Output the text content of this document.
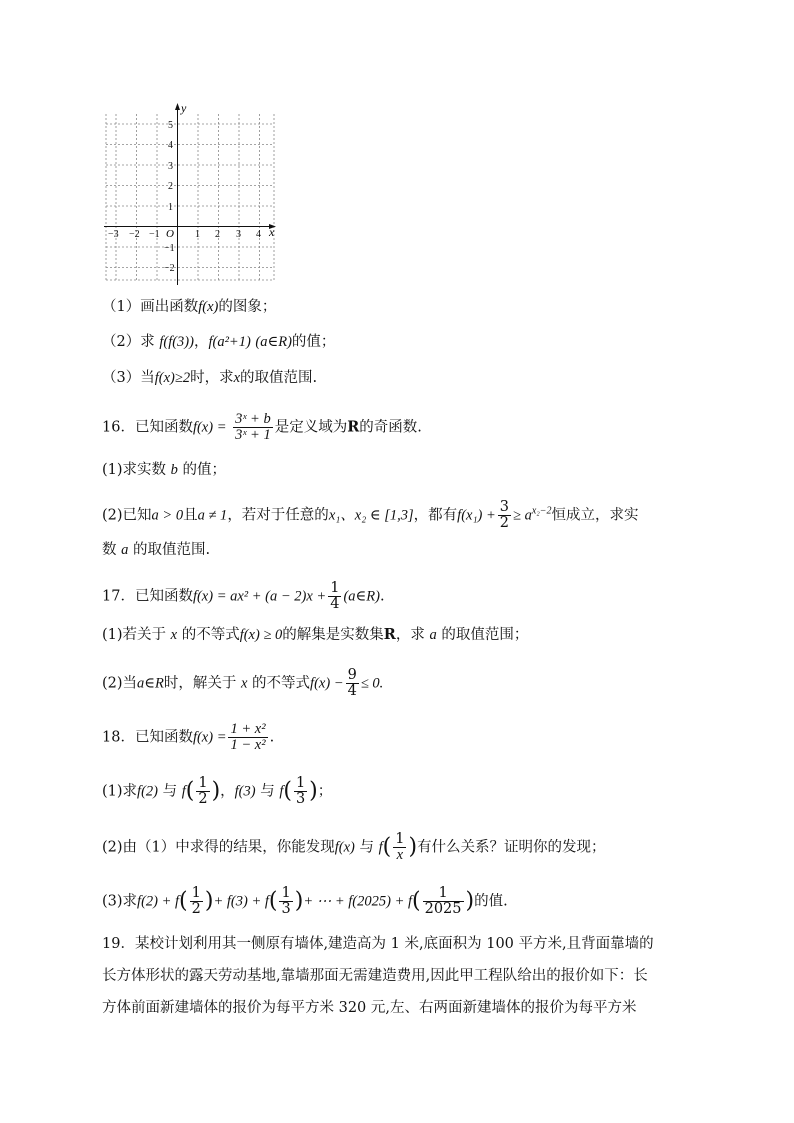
y
x
O
−3 −2 −1	1 2 3 4
5
4
3
2
1
−1
−2
（1）画出函数f(x)的图象；
（2）求 f(f(3))，f(a²+1) (a∈R)的值；
（3）当f(x)≥2时，求x的取值范围.
16．已知函数$f(x) = \frac{\text{3ˣ + b}}{\text{3ˣ + 1}}$ 是定义域为R的奇函数.
(1)求实数 b 的值；
(2)已知a > 0且a ≠ 1，若对于任意的x₁、x₂ ∈ [1,3]，都有$f(x_1) + \frac{3}{2} \ge a^{x_2-2}$恒成立，求实
数 a 的取值范围.
17．已知函数$f(x) = ax^2 + (a - 2)x + \frac{1}{4}$ (a∈R).
(1)若关于 x 的不等式f(x) ≥ 0的解集是实数集R，求 a 的取值范围；
(2)当a∈R时，解关于 x 的不等式$f(x) - \frac{9}{4} \le 0$.
18．已知函数$f(x) = \frac{\text{1 + x²}}{\text{1 − x²}}$ .
(1)求f(2) 与 $f( \frac{1}{2}$ )，f(3) 与 $f( \frac{1}{3}$ )；
(2)由（1）中求得的结果，你能发现f(x) 与 $f( \frac{1}{x}$ )有什么关系？证明你的发现；
(3)求$f(2) + f( \frac{1}{2}$ )+ $f(3) + f( \frac{1}{3}$ )+ ⋯ + $f(2025) + f( \frac{1}{2025}$ )的值.
19．某校计划利用其一侧原有墙体,建造高为 1 米,底面积为 100 平方米,且背面靠墙的
长方体形状的露天劳动基地,靠墙那面无需建造费用,因此甲工程队给出的报价如下：长
方体前面新建墙体的报价为每平方米 320 元,左、右两面新建墙体的报价为每平方米
